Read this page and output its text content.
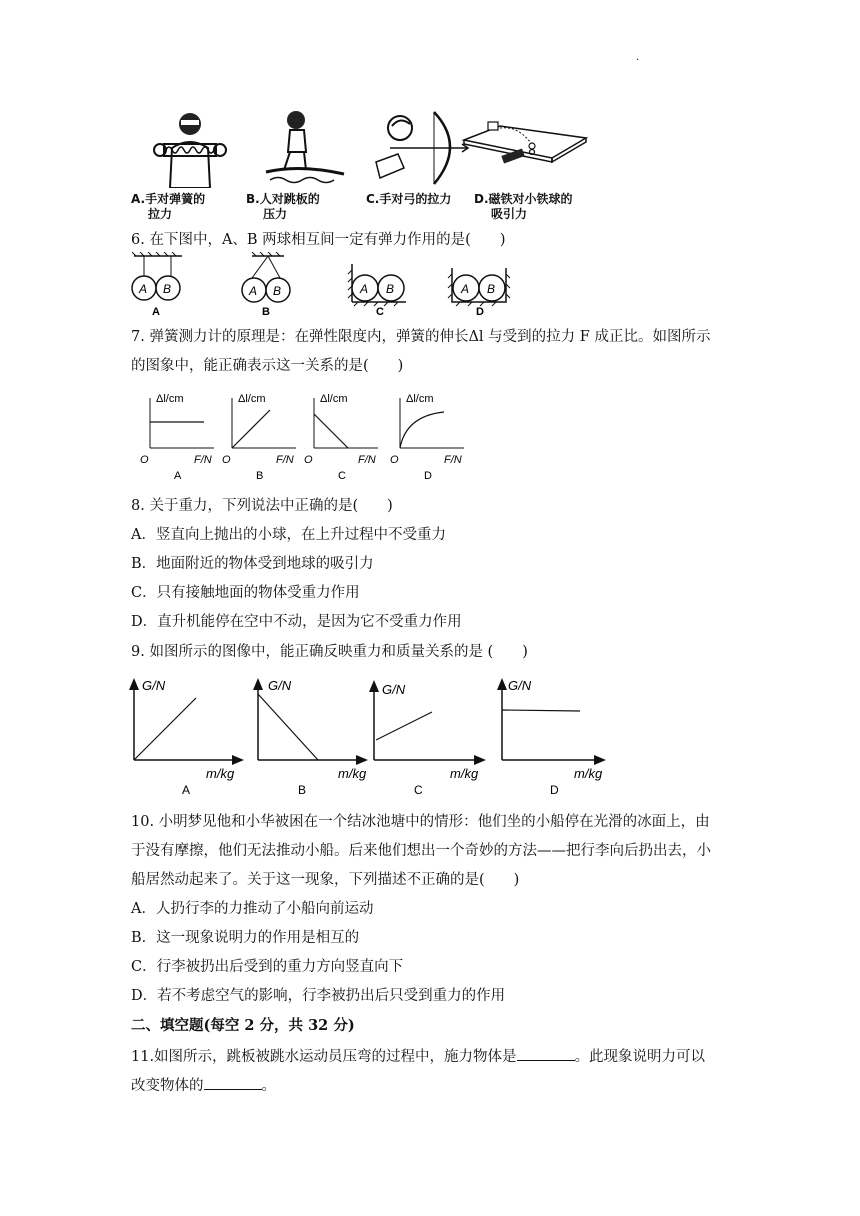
.
A.手对弹簧的
拉力
B.人对跳板的
压力
C.手对弓的拉力 D.磁铁对小铁球的
吸引力
6. 在下图中，A、B 两球相互间一定有弹力作用的是(　　)
A B
A
A B
B
A B
C
A B
D
7. 弹簧测力计的原理是：在弹性限度内，弹簧的伸长Δl 与受到的拉力 F 成正比。如图所示
的图象中，能正确表示这一关系的是(　　)
Δl/cm
O	F/N
A
Δl/cm
O	F/N
B
Δl/cm
O	F/N
C
Δl/cm
O	F/N
D
8. 关于重力，下列说法中正确的是(　　)
A．竖直向上抛出的小球，在上升过程中不受重力
B．地面附近的物体受到地球的吸引力
C．只有接触地面的物体受重力作用
D．直升机能停在空中不动，是因为它不受重力作用
9. 如图所示的图像中，能正确反映重力和质量关系的是 (　　)
G/N
m/kg
A
G/N
m/kg
B
G/N
m/kg
C
G/N
m/kg
D
10. 小明梦见他和小华被困在一个结冰池塘中的情形：他们坐的小船停在光滑的冰面上，由
于没有摩擦，他们无法推动小船。后来他们想出一个奇妙的方法——把行李向后扔出去，小
船居然动起来了。关于这一现象，下列描述不正确的是(　　)
A．人扔行李的力推动了小船向前运动
B．这一现象说明力的作用是相互的
C．行李被扔出后受到的重力方向竖直向下
D．若不考虑空气的影响，行李被扔出后只受到重力的作用
二、填空题(每空 2 分，共 32 分)
11.如图所示，跳板被跳水运动员压弯的过程中，施力物体是	。此现象说明力可以
改变物体的	。
